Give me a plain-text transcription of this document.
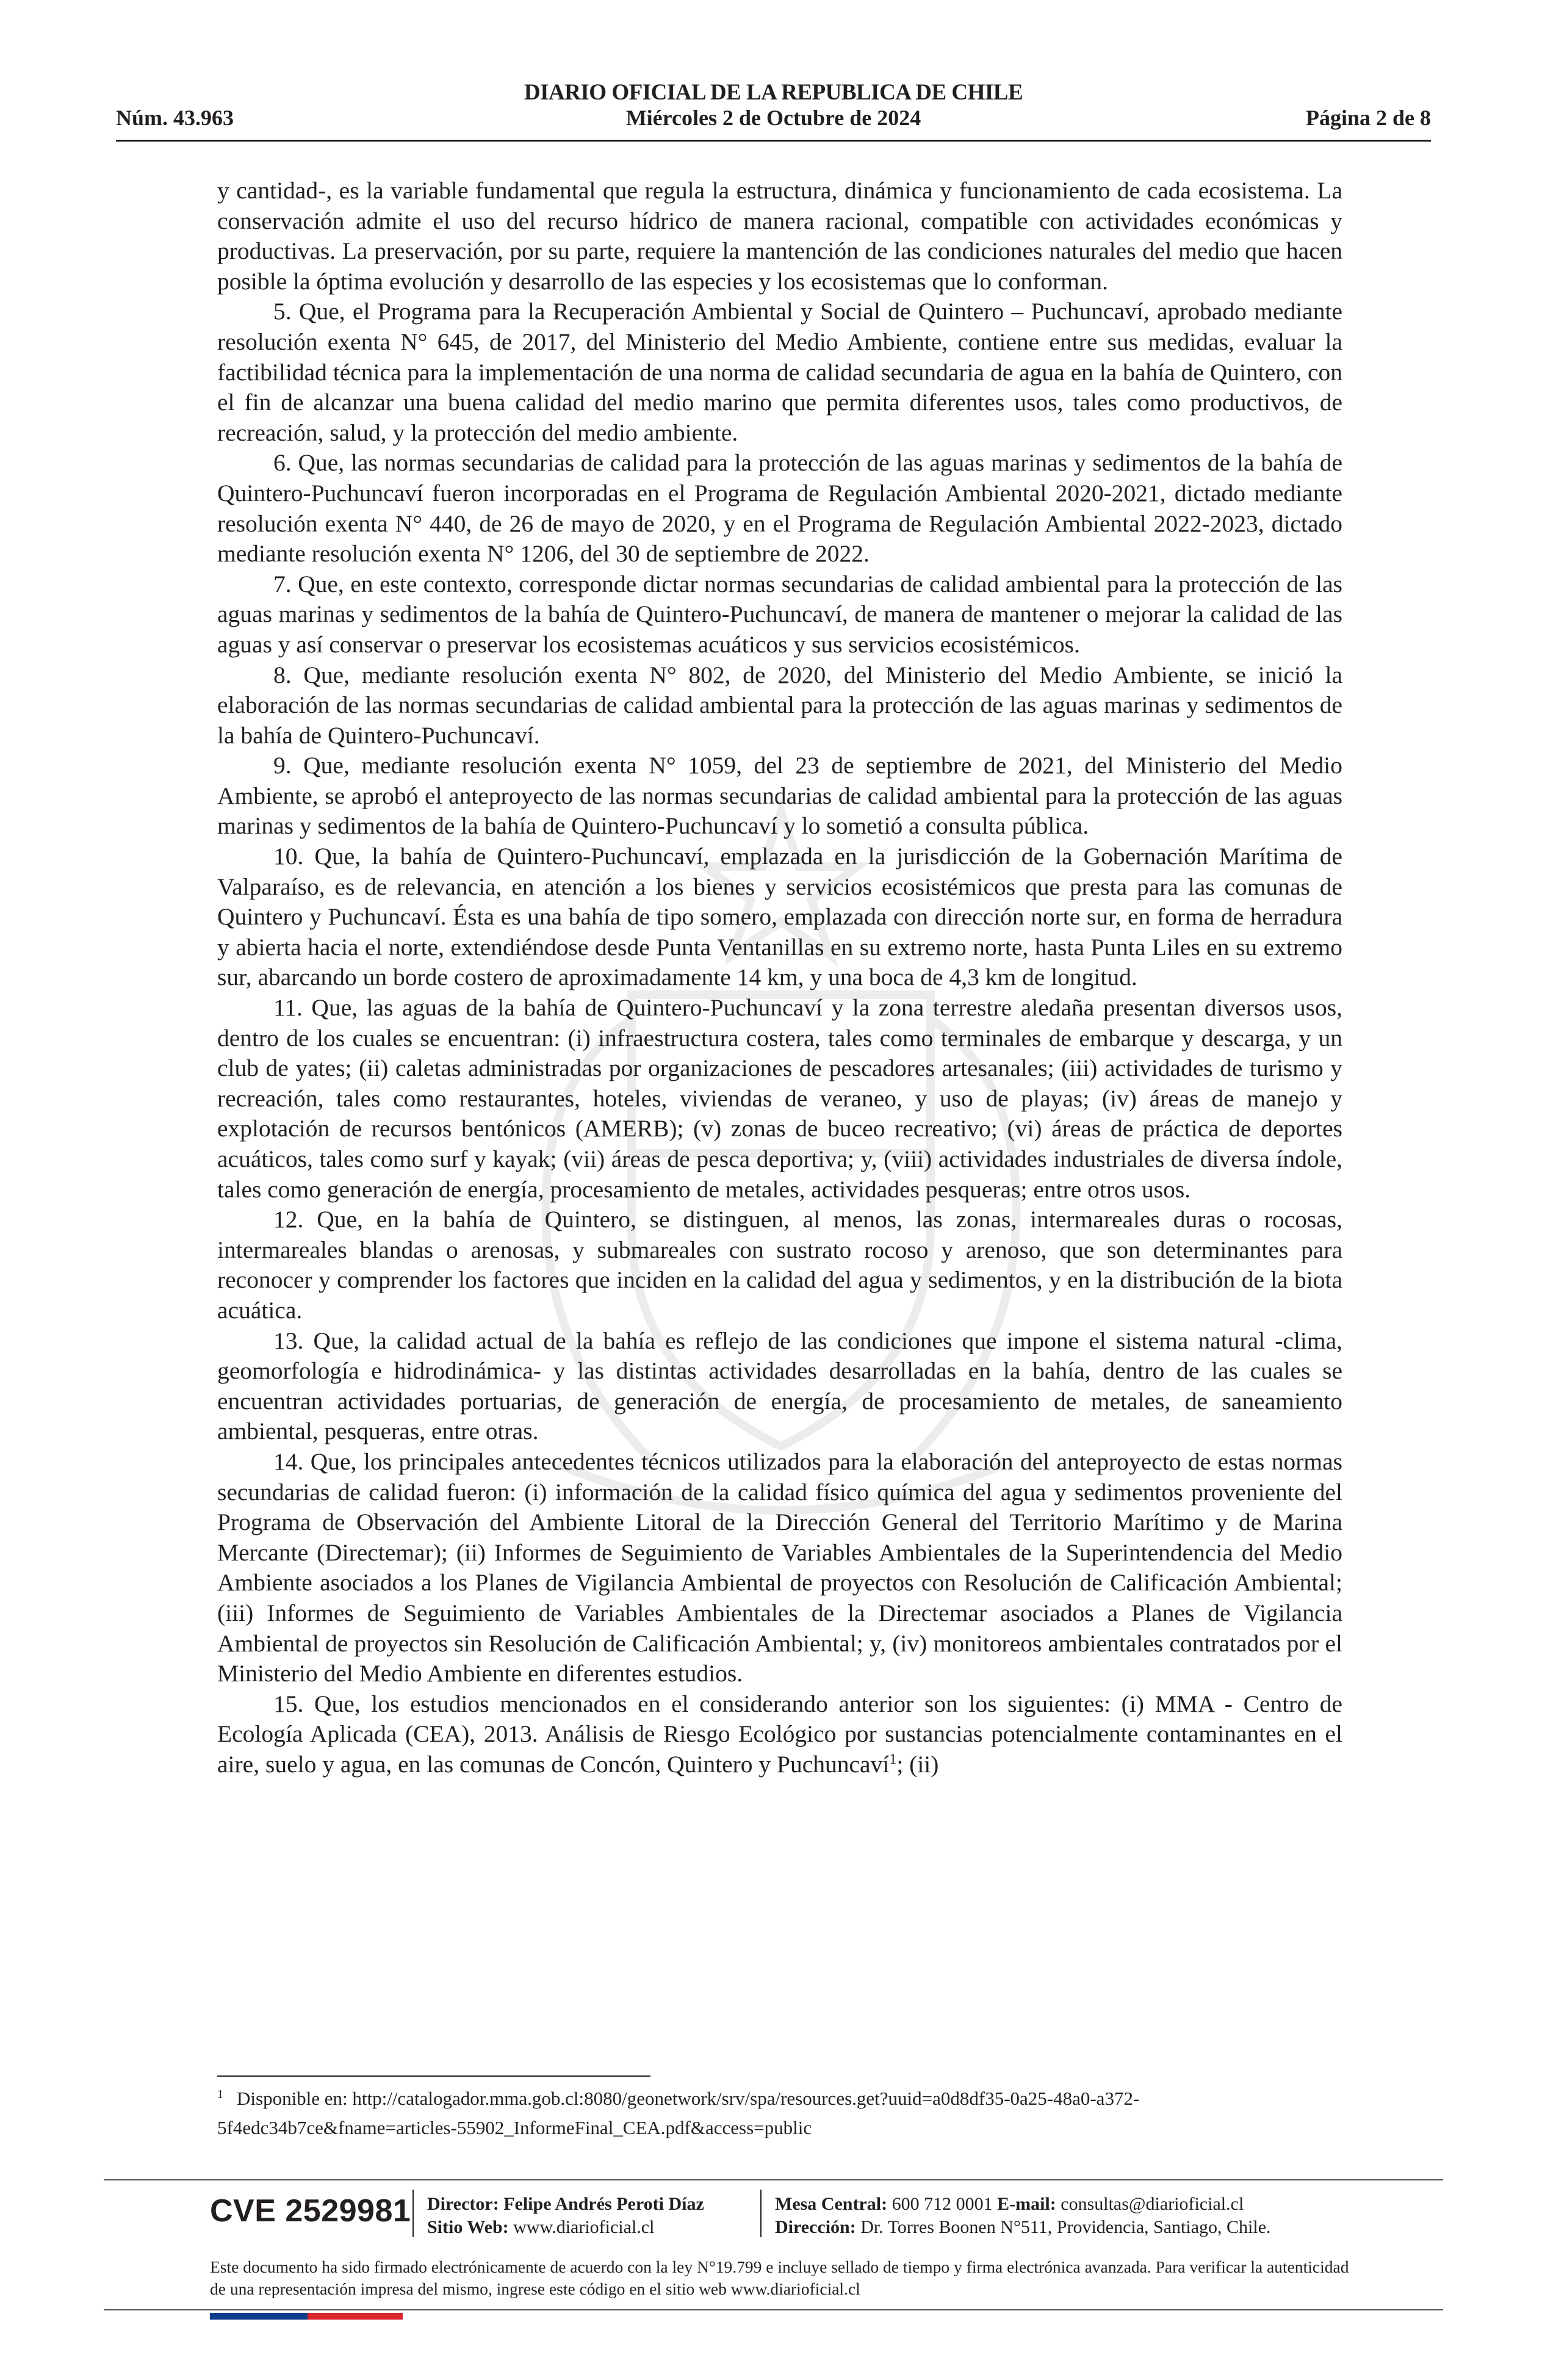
DIARIO OFICIAL DE LA REPUBLICA DE CHILE
Núm. 43.963	Miércoles 2 de Octubre de 2024	Página 2 de 8

y cantidad-, es la variable fundamental que regula la estructura, dinámica y funcionamiento de cada ecosistema. La conservación admite el uso del recurso hídrico de manera racional, compatible con actividades económicas y productivas. La preservación, por su parte, requiere la mantención de las condiciones naturales del medio que hacen posible la óptima evolución y desarrollo de las especies y los ecosistemas que lo conforman.

5. Que, el Programa para la Recuperación Ambiental y Social de Quintero – Puchuncaví, aprobado mediante resolución exenta N° 645, de 2017, del Ministerio del Medio Ambiente, contiene entre sus medidas, evaluar la factibilidad técnica para la implementación de una norma de calidad secundaria de agua en la bahía de Quintero, con el fin de alcanzar una buena calidad del medio marino que permita diferentes usos, tales como productivos, de recreación, salud, y la protección del medio ambiente.

6. Que, las normas secundarias de calidad para la protección de las aguas marinas y sedimentos de la bahía de Quintero-Puchuncaví fueron incorporadas en el Programa de Regulación Ambiental 2020-2021, dictado mediante resolución exenta N° 440, de 26 de mayo de 2020, y en el Programa de Regulación Ambiental 2022-2023, dictado mediante resolución exenta N° 1206, del 30 de septiembre de 2022.

7. Que, en este contexto, corresponde dictar normas secundarias de calidad ambiental para la protección de las aguas marinas y sedimentos de la bahía de Quintero-Puchuncaví, de manera de mantener o mejorar la calidad de las aguas y así conservar o preservar los ecosistemas acuáticos y sus servicios ecosistémicos.

8. Que, mediante resolución exenta N° 802, de 2020, del Ministerio del Medio Ambiente, se inició la elaboración de las normas secundarias de calidad ambiental para la protección de las aguas marinas y sedimentos de la bahía de Quintero-Puchuncaví.

9. Que, mediante resolución exenta N° 1059, del 23 de septiembre de 2021, del Ministerio del Medio Ambiente, se aprobó el anteproyecto de las normas secundarias de calidad ambiental para la protección de las aguas marinas y sedimentos de la bahía de Quintero-Puchuncaví y lo sometió a consulta pública.

10. Que, la bahía de Quintero-Puchuncaví, emplazada en la jurisdicción de la Gobernación Marítima de Valparaíso, es de relevancia, en atención a los bienes y servicios ecosistémicos que presta para las comunas de Quintero y Puchuncaví. Ésta es una bahía de tipo somero, emplazada con dirección norte sur, en forma de herradura y abierta hacia el norte, extendiéndose desde Punta Ventanillas en su extremo norte, hasta Punta Liles en su extremo sur, abarcando un borde costero de aproximadamente 14 km, y una boca de 4,3 km de longitud.

11. Que, las aguas de la bahía de Quintero-Puchuncaví y la zona terrestre aledaña presentan diversos usos, dentro de los cuales se encuentran: (i) infraestructura costera, tales como terminales de embarque y descarga, y un club de yates; (ii) caletas administradas por organizaciones de pescadores artesanales; (iii) actividades de turismo y recreación, tales como restaurantes, hoteles, viviendas de veraneo, y uso de playas; (iv) áreas de manejo y explotación de recursos bentónicos (AMERB); (v) zonas de buceo recreativo; (vi) áreas de práctica de deportes acuáticos, tales como surf y kayak; (vii) áreas de pesca deportiva; y, (viii) actividades industriales de diversa índole, tales como generación de energía, procesamiento de metales, actividades pesqueras; entre otros usos.

12. Que, en la bahía de Quintero, se distinguen, al menos, las zonas, intermareales duras o rocosas, intermareales blandas o arenosas, y submareales con sustrato rocoso y arenoso, que son determinantes para reconocer y comprender los factores que inciden en la calidad del agua y sedimentos, y en la distribución de la biota acuática.

13. Que, la calidad actual de la bahía es reflejo de las condiciones que impone el sistema natural -clima, geomorfología e hidrodinámica- y las distintas actividades desarrolladas en la bahía, dentro de las cuales se encuentran actividades portuarias, de generación de energía, de procesamiento de metales, de saneamiento ambiental, pesqueras, entre otras.

14. Que, los principales antecedentes técnicos utilizados para la elaboración del anteproyecto de estas normas secundarias de calidad fueron: (i) información de la calidad físico química del agua y sedimentos proveniente del Programa de Observación del Ambiente Litoral de la Dirección General del Territorio Marítimo y de Marina Mercante (Directemar); (ii) Informes de Seguimiento de Variables Ambientales de la Superintendencia del Medio Ambiente asociados a los Planes de Vigilancia Ambiental de proyectos con Resolución de Calificación Ambiental; (iii) Informes de Seguimiento de Variables Ambientales de la Directemar asociados a Planes de Vigilancia Ambiental de proyectos sin Resolución de Calificación Ambiental; y, (iv) monitoreos ambientales contratados por el Ministerio del Medio Ambiente en diferentes estudios.

15. Que, los estudios mencionados en el considerando anterior son los siguientes: (i) MMA - Centro de Ecología Aplicada (CEA), 2013. Análisis de Riesgo Ecológico por sustancias potencialmente contaminantes en el aire, suelo y agua, en las comunas de Concón, Quintero y Puchuncaví$^1$; (ii)

$^1$ Disponible en: http://catalogador.mma.gob.cl:8080/geonetwork/srv/spa/resources.get?uuid=a0d8df35-0a25-48a0-a372-5f4edc34b7ce&fname=articles-55902_InformeFinal_CEA.pdf&access=public
CVE 2529981 Director: Felipe Andrés Peroti Díaz
Sitio Web: www.diarioficial.cl
Mesa Central: 600 712 0001 E-mail: consultas@diarioficial.cl
Dirección: Dr. Torres Boonen N°511, Providencia, Santiago, Chile.
Este documento ha sido firmado electrónicamente de acuerdo con la ley N°19.799 e incluye sellado de tiempo y firma electrónica avanzada. Para verificar la autenticidad de una representación impresa del mismo, ingrese este código en el sitio web www.diarioficial.cl
